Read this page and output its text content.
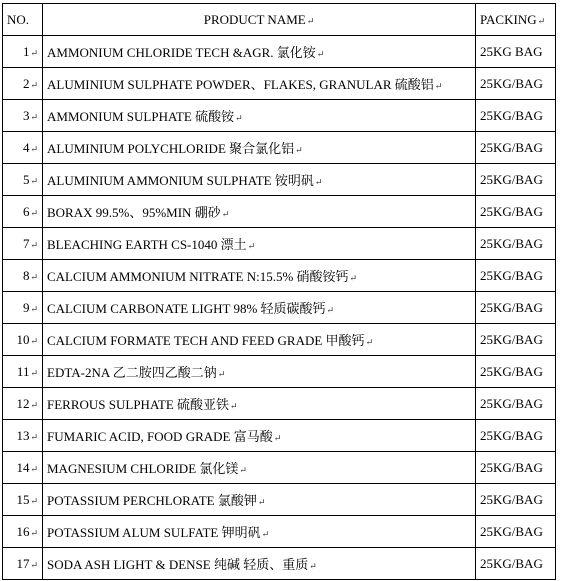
NO.	PRODUCT NAME↵	PACKING↵
1↵	AMMONIUM CHLORIDE TECH &AGR. 氯化铵↵	25KG BAG
2↵	ALUMINIUM SULPHATE POWDER、FLAKES, GRANULAR 硫酸铝↵	25KG/BAG
3↵	AMMONIUM SULPHATE 硫酸铵↵	25KG/BAG
4↵	ALUMINIUM POLYCHLORIDE 聚合氯化铝↵	25KG/BAG
5↵	ALUMINIUM AMMONIUM SULPHATE 铵明矾↵	25KG/BAG
6↵	BORAX 99.5%、95%MIN 硼砂↵	25KG/BAG
7↵	BLEACHING EARTH CS-1040 漂土↵	25KG/BAG
8↵	CALCIUM AMMONIUM NITRATE N:15.5% 硝酸铵钙↵	25KG/BAG
9↵	CALCIUM CARBONATE LIGHT 98% 轻质碳酸钙↵	25KG/BAG
10↵	CALCIUM FORMATE TECH AND FEED GRADE 甲酸钙↵	25KG/BAG
11↵	EDTA-2NA 乙二胺四乙酸二钠↵	25KG/BAG
12↵	FERROUS SULPHATE 硫酸亚铁↵	25KG/BAG
13↵	FUMARIC ACID, FOOD GRADE 富马酸↵	25KG/BAG
14↵	MAGNESIUM CHLORIDE 氯化镁↵	25KG/BAG
15↵	POTASSIUM PERCHLORATE 氯酸钾↵	25KG/BAG
16↵	POTASSIUM ALUM SULFATE 钾明矾↵	25KG/BAG
17↵	SODA ASH LIGHT & DENSE 纯碱 轻质、重质↵	25KG/BAG
